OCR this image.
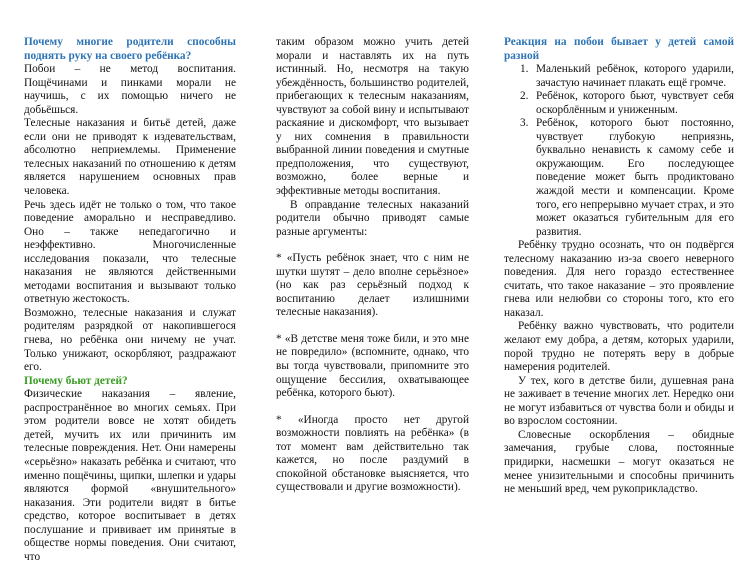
Почему многие родители способны поднять руку на своего ребёнка?

Побои – не метод воспитания. Пощёчинами и пинками морали не научишь, с их помощью ничего не добьёшься.

Телесные наказания и битьё детей, даже если они не приводят к издевательствам, абсолютно неприемлемы. Применение телесных наказаний по отношению к детям является нарушением основных прав человека.

Речь здесь идёт не только о том, что такое поведение аморально и несправедливо. Оно – также непедагогично и неэффективно. Многочисленные исследования показали, что телесные наказания не являются действенными методами воспитания и вызывают только ответную жестокость.

Возможно, телесные наказания и служат родителям разрядкой от накопившегося гнева, но ребёнка они ничему не учат. Только унижают, оскорбляют, раздражают его.

Почему бьют детей?

Физические наказания – явление, распространённое во многих семьях. При этом родители вовсе не хотят обидеть детей, мучить их или причинить им телесные повреждения. Нет. Они намерены «серьёзно» наказать ребёнка и считают, что именно пощёчины, щипки, шлепки и удары являются формой «внушительного» наказания. Эти родители видят в битье средство, которое воспитывает в детях послушание и прививает им принятые в обществе нормы поведения. Они считают, что

таким образом можно учить детей морали и наставлять их на путь истинный. Но, несмотря на такую убеждённость, большинство родителей, прибегающих к телесным наказаниям, чувствуют за собой вину и испытывают раскаяние и дискомфорт, что вызывает у них сомнения в правильности выбранной линии поведения и смутные предположения, что существуют, возможно, более верные и эффективные методы воспитания.

В оправдание телесных наказаний родители обычно приводят самые разные аргументы:

* «Пусть ребёнок знает, что с ним не шутки шутят – дело вполне серьёзное» (но как раз серьёзный подход к воспитанию делает излишними телесные наказания).

* «В детстве меня тоже били, и это мне не повредило» (вспомните, однако, что вы тогда чувствовали, припомните это ощущение бессилия, охватывающее ребёнка, которого бьют).

* «Иногда просто нет другой возможности повлиять на ребёнка» (в тот момент вам действительно так кажется, но после раздумий в спокойной обстановке выясняется, что существовали и другие возможности).

Реакция на побои бывает у детей самой разной

1. Маленький ребёнок, которого ударили, зачастую начинает плакать ещё громче.
2. Ребёнок, которого бьют, чувствует себя оскорблённым и униженным.
3. Ребёнок, которого бьют постоянно, чувствует глубокую неприязнь, буквально ненависть к самому себе и окружающим. Его последующее поведение может быть продиктовано жаждой мести и компенсации. Кроме того, его непрерывно мучает страх, и это может оказаться губительным для его развития.

Ребёнку трудно осознать, что он подвёргся телесному наказанию из-за своего неверного поведения. Для него гораздо естественнее считать, что такое наказание – это проявление гнева или нелюбви со стороны того, кто его наказал.

Ребёнку важно чувствовать, что родители желают ему добра, а детям, которых ударили, порой трудно не потерять веру в добрые намерения родителей.

У тех, кого в детстве били, душевная рана не заживает в течение многих лет. Нередко они не могут избавиться от чувства боли и обиды и во взрослом состоянии.

Словесные оскорбления – обидные замечания, грубые слова, постоянные придирки, насмешки – могут оказаться не менее унизительными и способны причинить не меньший вред, чем рукоприкладство.
